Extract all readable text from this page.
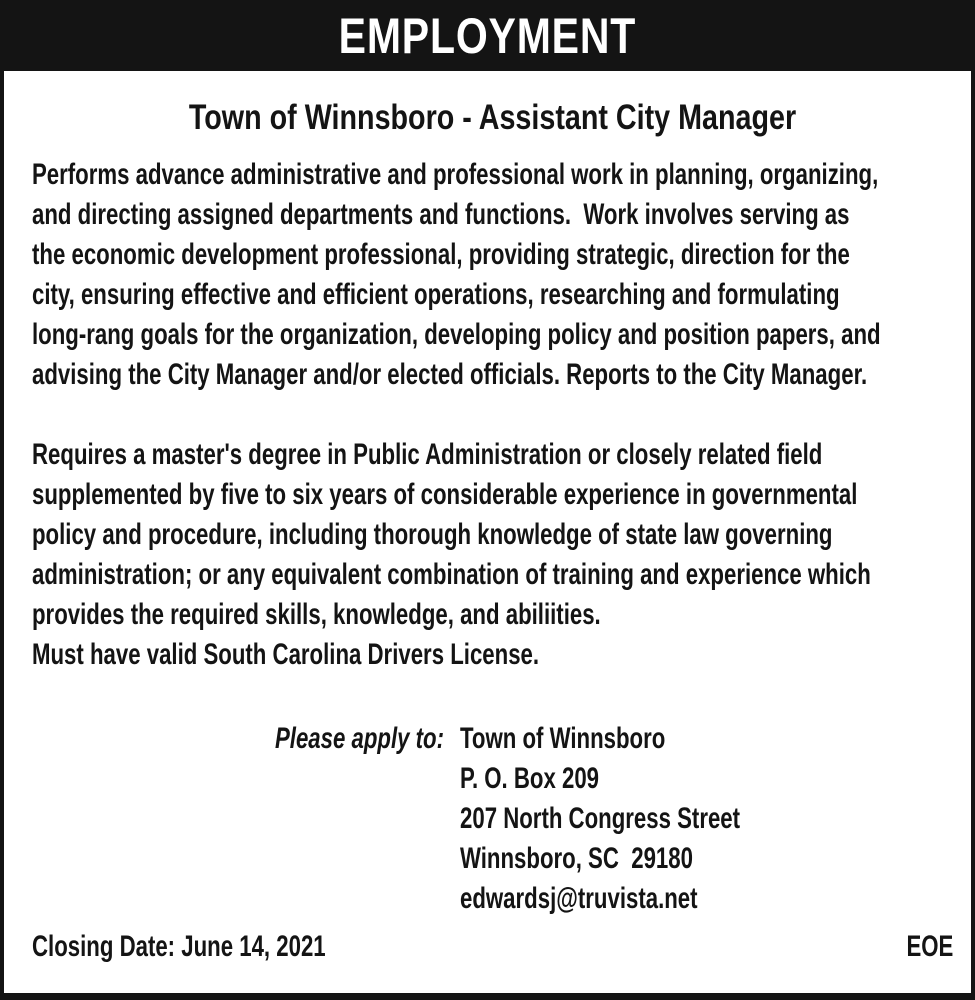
EMPLOYMENT
Town of Winnsboro - Assistant City Manager
Performs advance administrative and professional work in planning, organizing,
and directing assigned departments and functions.  Work involves serving as
the economic development professional, providing strategic, direction for the
city, ensuring effective and efficient operations, researching and formulating
long-rang goals for the organization, developing policy and position papers, and
advising the City Manager and/or elected officials. Reports to the City Manager.
Requires a master's degree in Public Administration or closely related field
supplemented by five to six years of considerable experience in governmental
policy and procedure, including thorough knowledge of state law governing
administration; or any equivalent combination of training and experience which
provides the required skills, knowledge, and abiliities.
Must have valid South Carolina Drivers License.
Please apply to: Town of Winnsboro
P. O. Box 209
207 North Congress Street
Winnsboro, SC  29180
edwardsj@truvista.net
Closing Date: June 14, 2021	EOE
